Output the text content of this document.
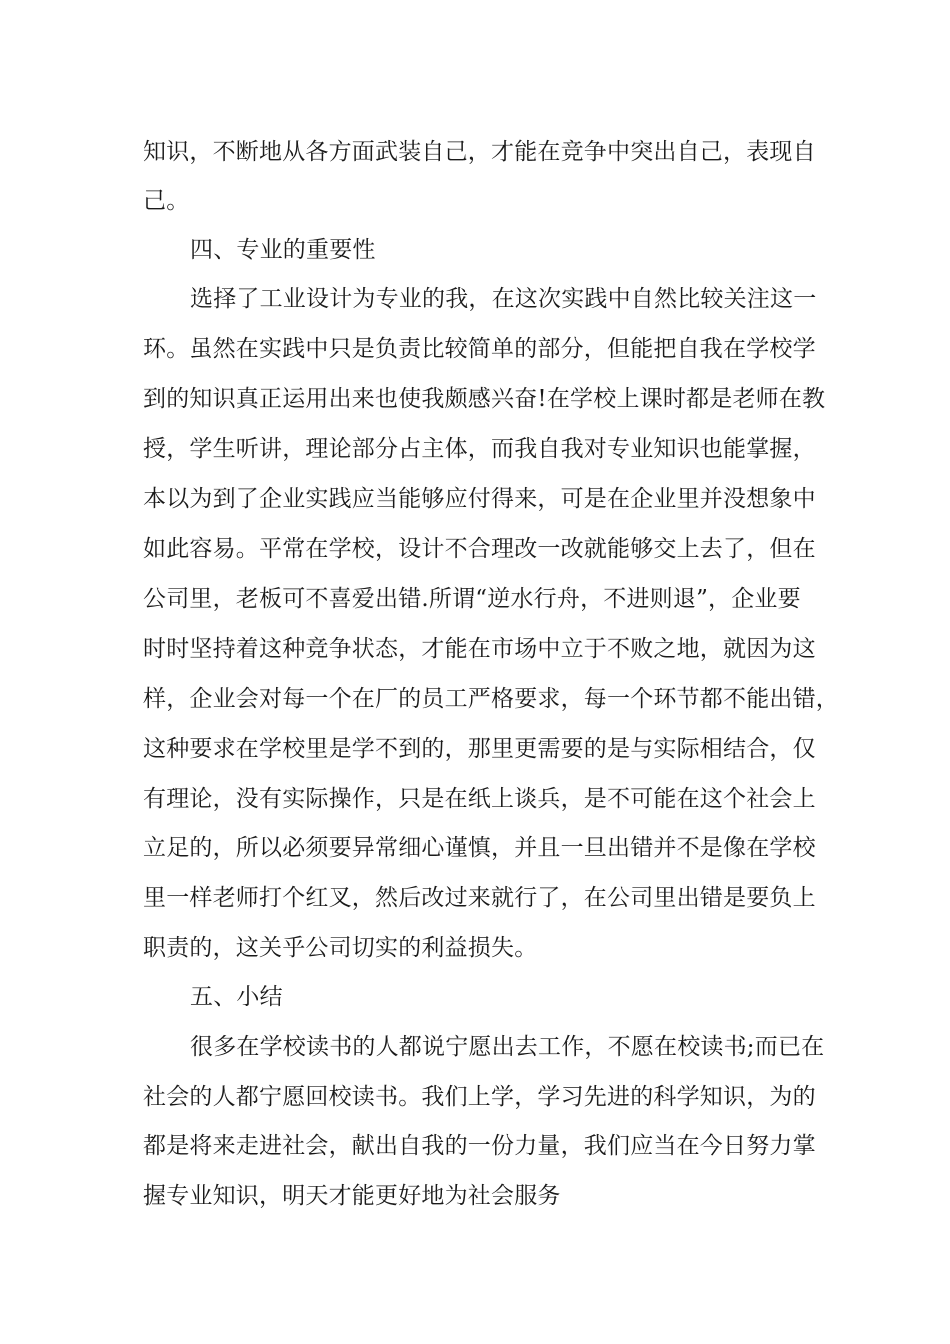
知识，不断地从各方面武装自己，才能在竞争中突出自己，表现自
己。
四、专业的重要性
选择了工业设计为专业的我，在这次实践中自然比较关注这一
环。虽然在实践中只是负责比较简单的部分，但能把自我在学校学
到的知识真正运用出来也使我颇感兴奋!在学校上课时都是老师在教
授，学生听讲，理论部分占主体，而我自我对专业知识也能掌握，
本以为到了企业实践应当能够应付得来，可是在企业里并没想象中
如此容易。平常在学校，设计不合理改一改就能够交上去了，但在
公司里，老板可不喜爱出错.所谓“逆水行舟，不进则退”，企业要
时时坚持着这种竞争状态，才能在市场中立于不败之地，就因为这
样，企业会对每一个在厂的员工严格要求，每一个环节都不能出错，
这种要求在学校里是学不到的，那里更需要的是与实际相结合，仅
有理论，没有实际操作，只是在纸上谈兵，是不可能在这个社会上
立足的，所以必须要异常细心谨慎，并且一旦出错并不是像在学校
里一样老师打个红叉，然后改过来就行了，在公司里出错是要负上
职责的，这关乎公司切实的利益损失。
五、小结
很多在学校读书的人都说宁愿出去工作，不愿在校读书;而已在
社会的人都宁愿回校读书。我们上学，学习先进的科学知识，为的
都是将来走进社会，献出自我的一份力量，我们应当在今日努力掌
握专业知识，明天才能更好地为社会服务
